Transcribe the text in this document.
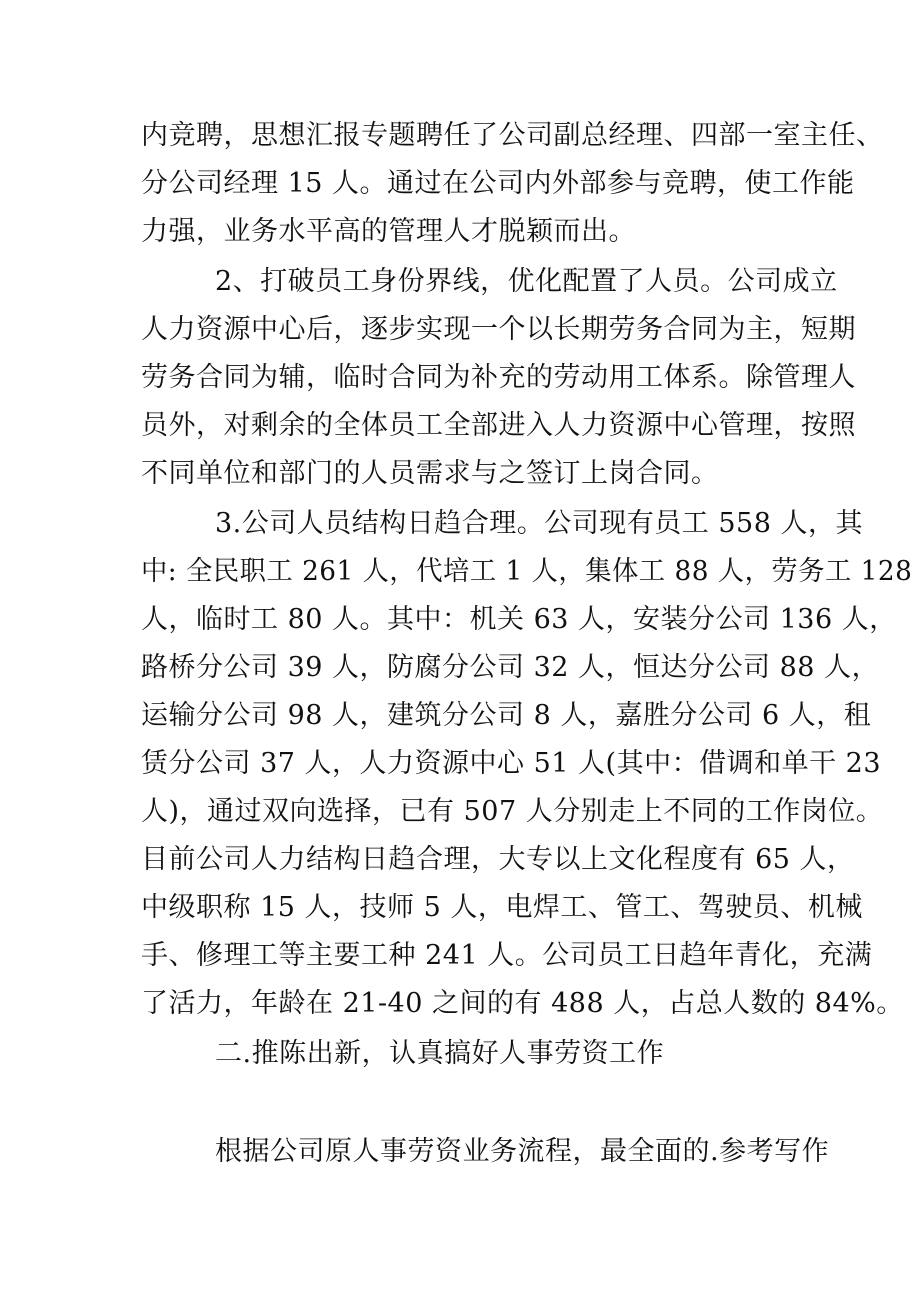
内竞聘，思想汇报专题聘任了公司副总经理、四部一室主任、
分公司经理 15 人。通过在公司内外部参与竞聘，使工作能
力强，业务水平高的管理人才脱颖而出。
2、打破员工身份界线，优化配置了人员。公司成立
人力资源中心后，逐步实现一个以长期劳务合同为主，短期
劳务合同为辅，临时合同为补充的劳动用工体系。除管理人
员外，对剩余的全体员工全部进入人力资源中心管理，按照
不同单位和部门的人员需求与之签订上岗合同。
3.公司人员结构日趋合理。公司现有员工 558 人，其
中: 全民职工 261 人，代培工 1 人，集体工 88 人，劳务工 128
人，临时工 80 人。其中：机关 63 人，安装分公司 136 人，
路桥分公司 39 人，防腐分公司 32 人，恒达分公司 88 人，
运输分公司 98 人，建筑分公司 8 人，嘉胜分公司 6 人，租
赁分公司 37 人，人力资源中心 51 人(其中：借调和单干 23
人)，通过双向选择，已有 507 人分别走上不同的工作岗位。
目前公司人力结构日趋合理，大专以上文化程度有 65 人，
中级职称 15 人，技师 5 人，电焊工、管工、驾驶员、机械
手、修理工等主要工种 241 人。公司员工日趋年青化，充满
了活力，年龄在 21-40 之间的有 488 人，占总人数的 84%。
二.推陈出新，认真搞好人事劳资工作
根据公司原人事劳资业务流程，最全面的.参考写作
